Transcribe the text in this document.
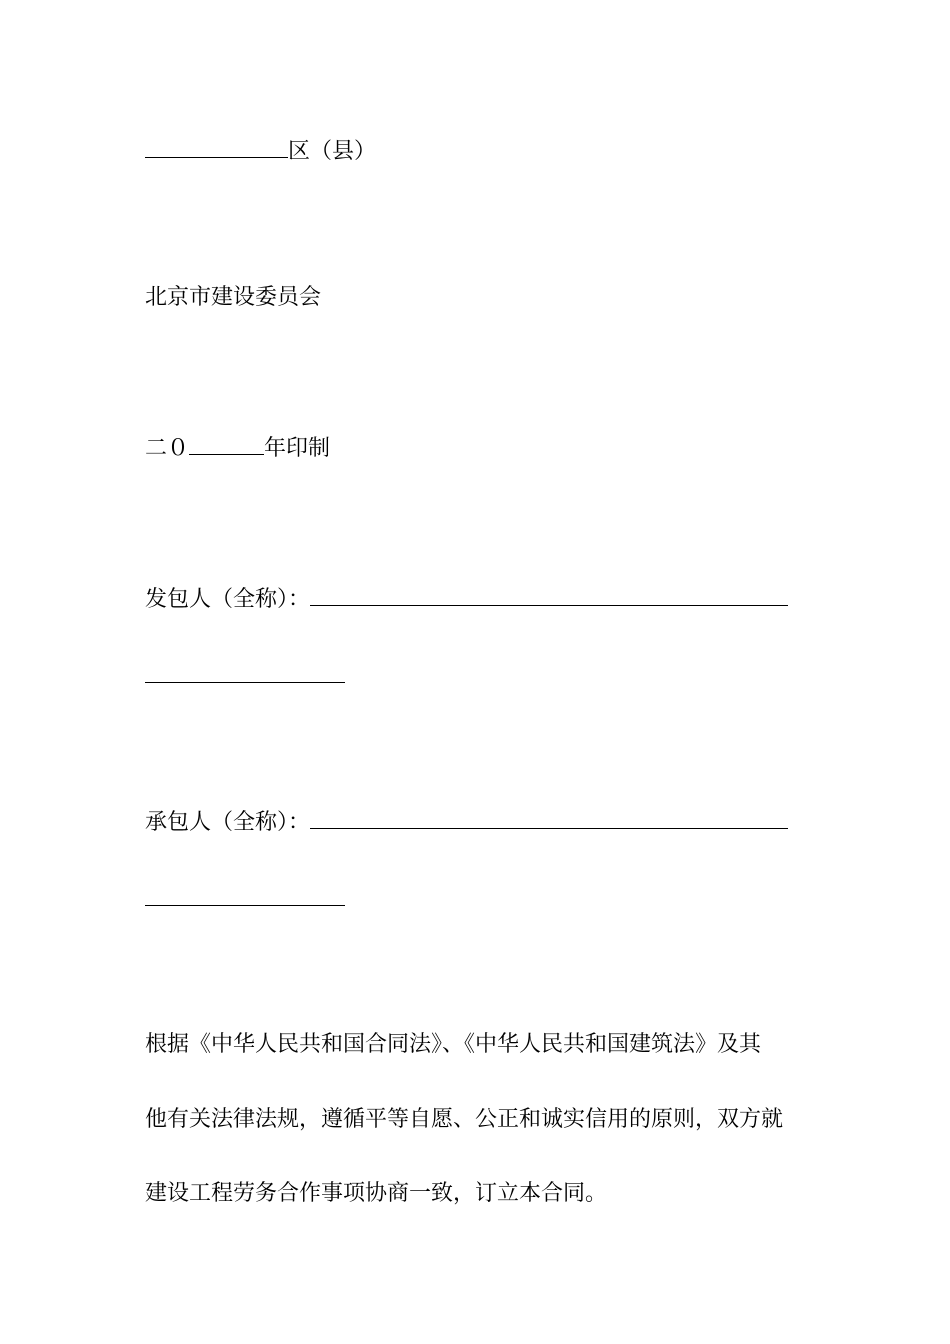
区（县）
北京市建设委员会
二０	年印制
发包人（全称）：
承包人（全称）：
根据《中华人民共和国合同法》、《中华人民共和国建筑法》及其
他有关法律法规，遵循平等自愿、公正和诚实信用的原则，双方就
建设工程劳务合作事项协商一致，订立本合同。
